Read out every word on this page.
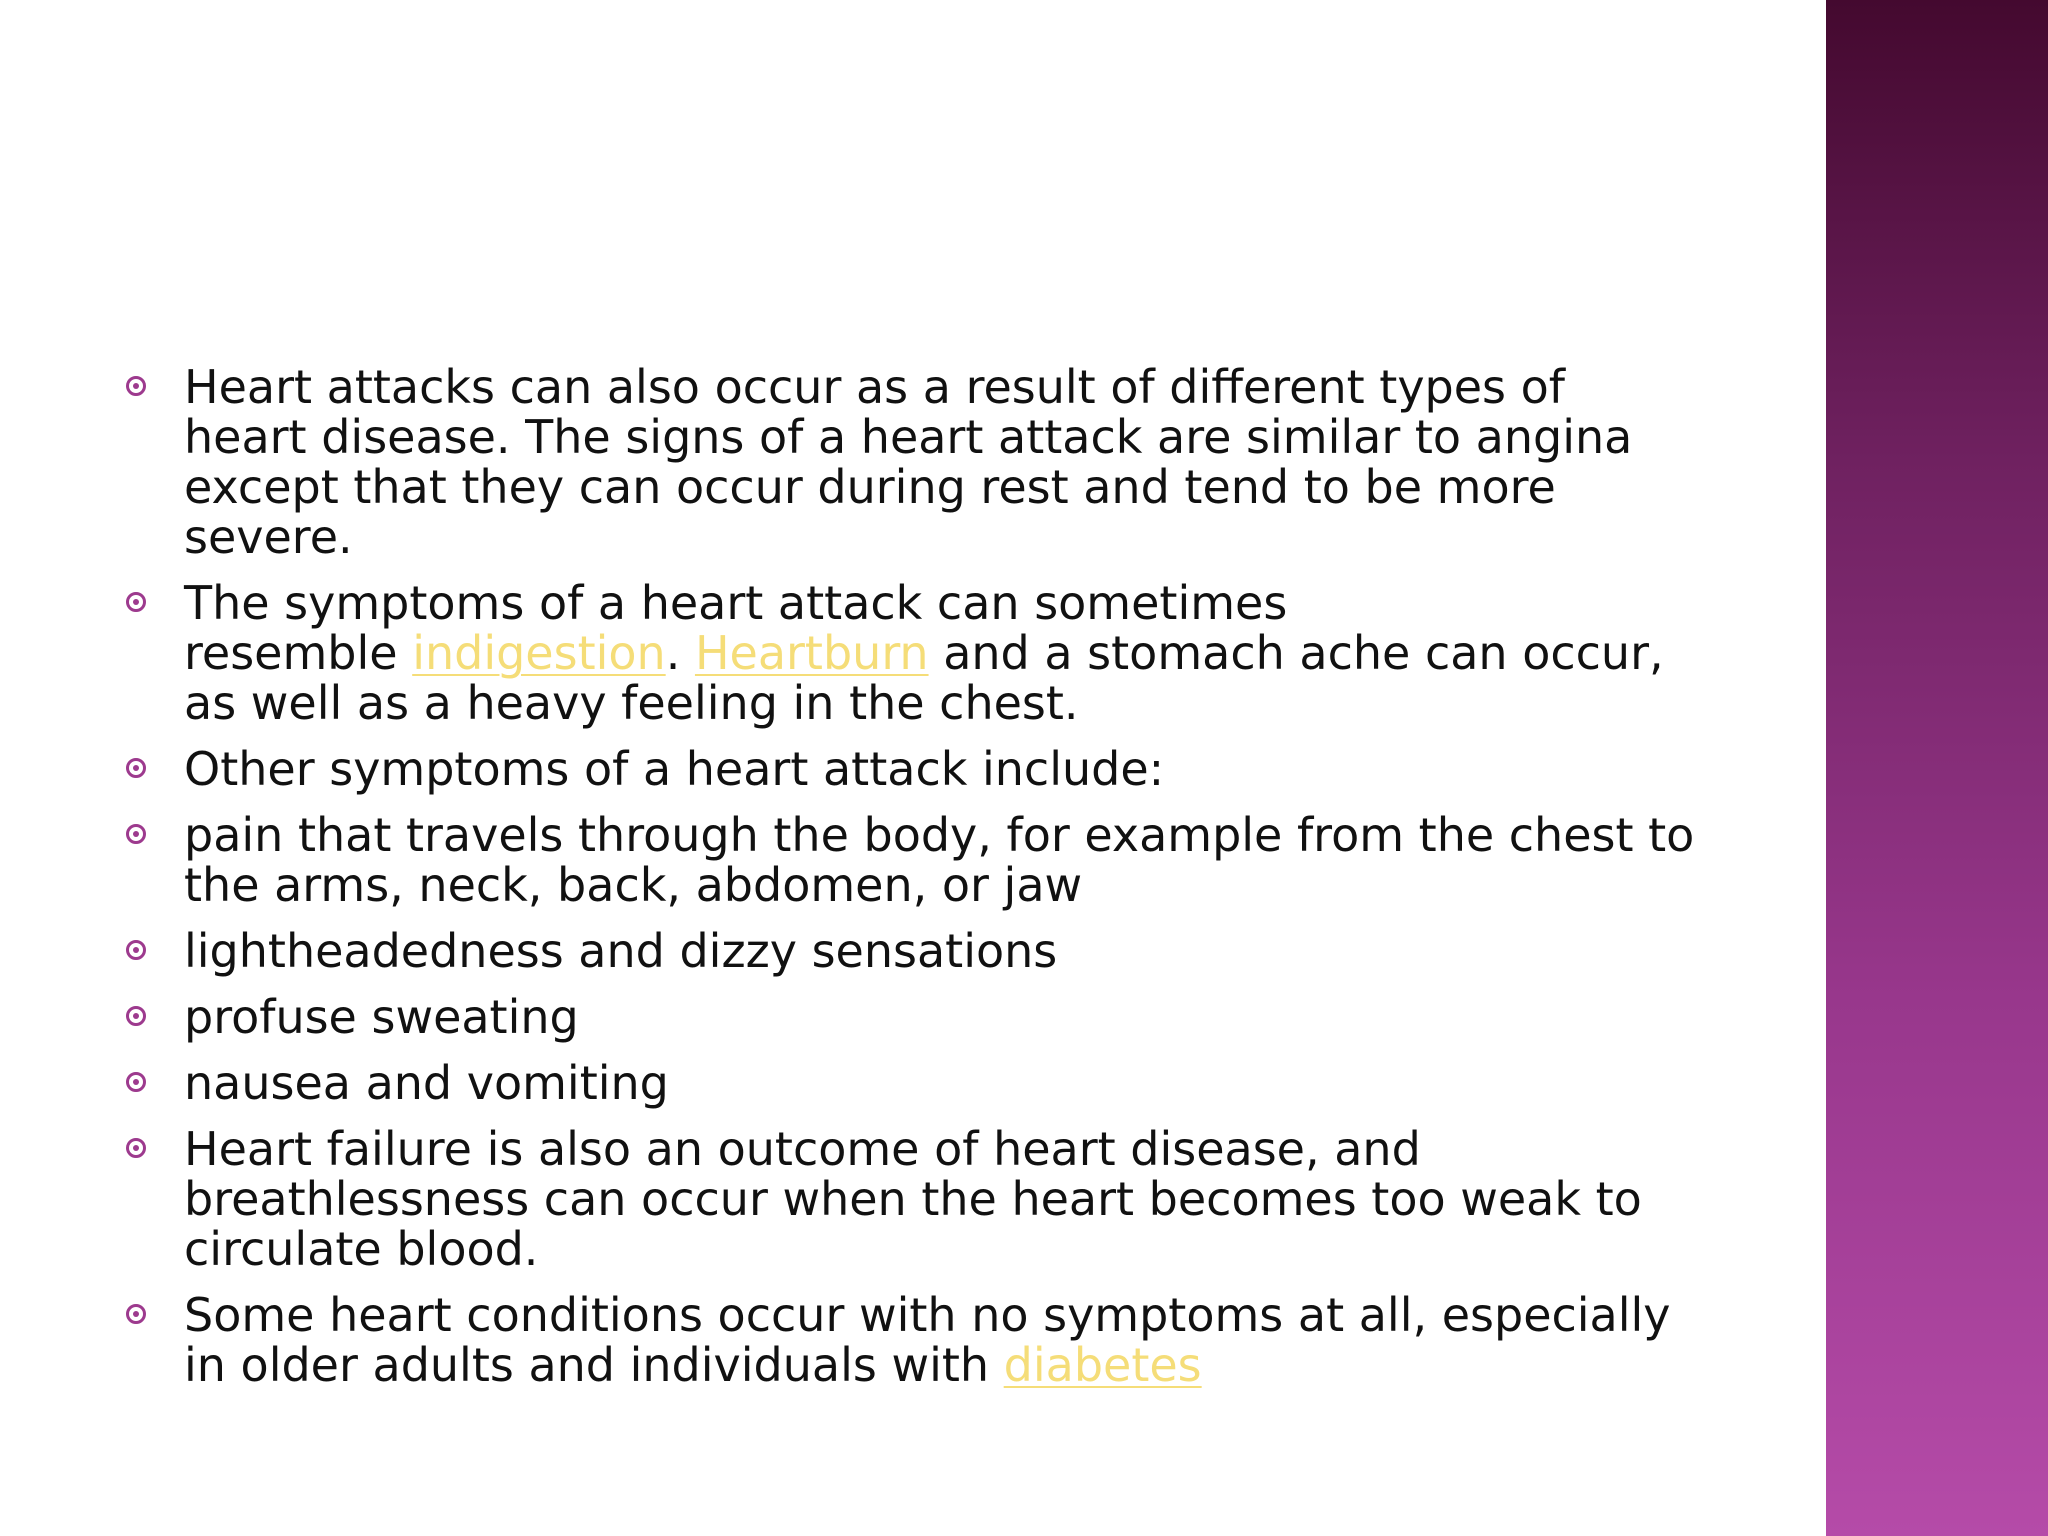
Heart attacks can also occur as a result of different types of
heart disease. The signs of a heart attack are similar to angina
except that they can occur during rest and tend to be more
severe.
The symptoms of a heart attack can sometimes
resemble indigestion. Heartburn and a stomach ache can occur,
as well as a heavy feeling in the chest.
Other symptoms of a heart attack include:
pain that travels through the body, for example from the chest to
the arms, neck, back, abdomen, or jaw
lightheadedness and dizzy sensations
profuse sweating
nausea and vomiting
Heart failure is also an outcome of heart disease, and
breathlessness can occur when the heart becomes too weak to
circulate blood.
Some heart conditions occur with no symptoms at all, especially
in older adults and individuals with diabetes
